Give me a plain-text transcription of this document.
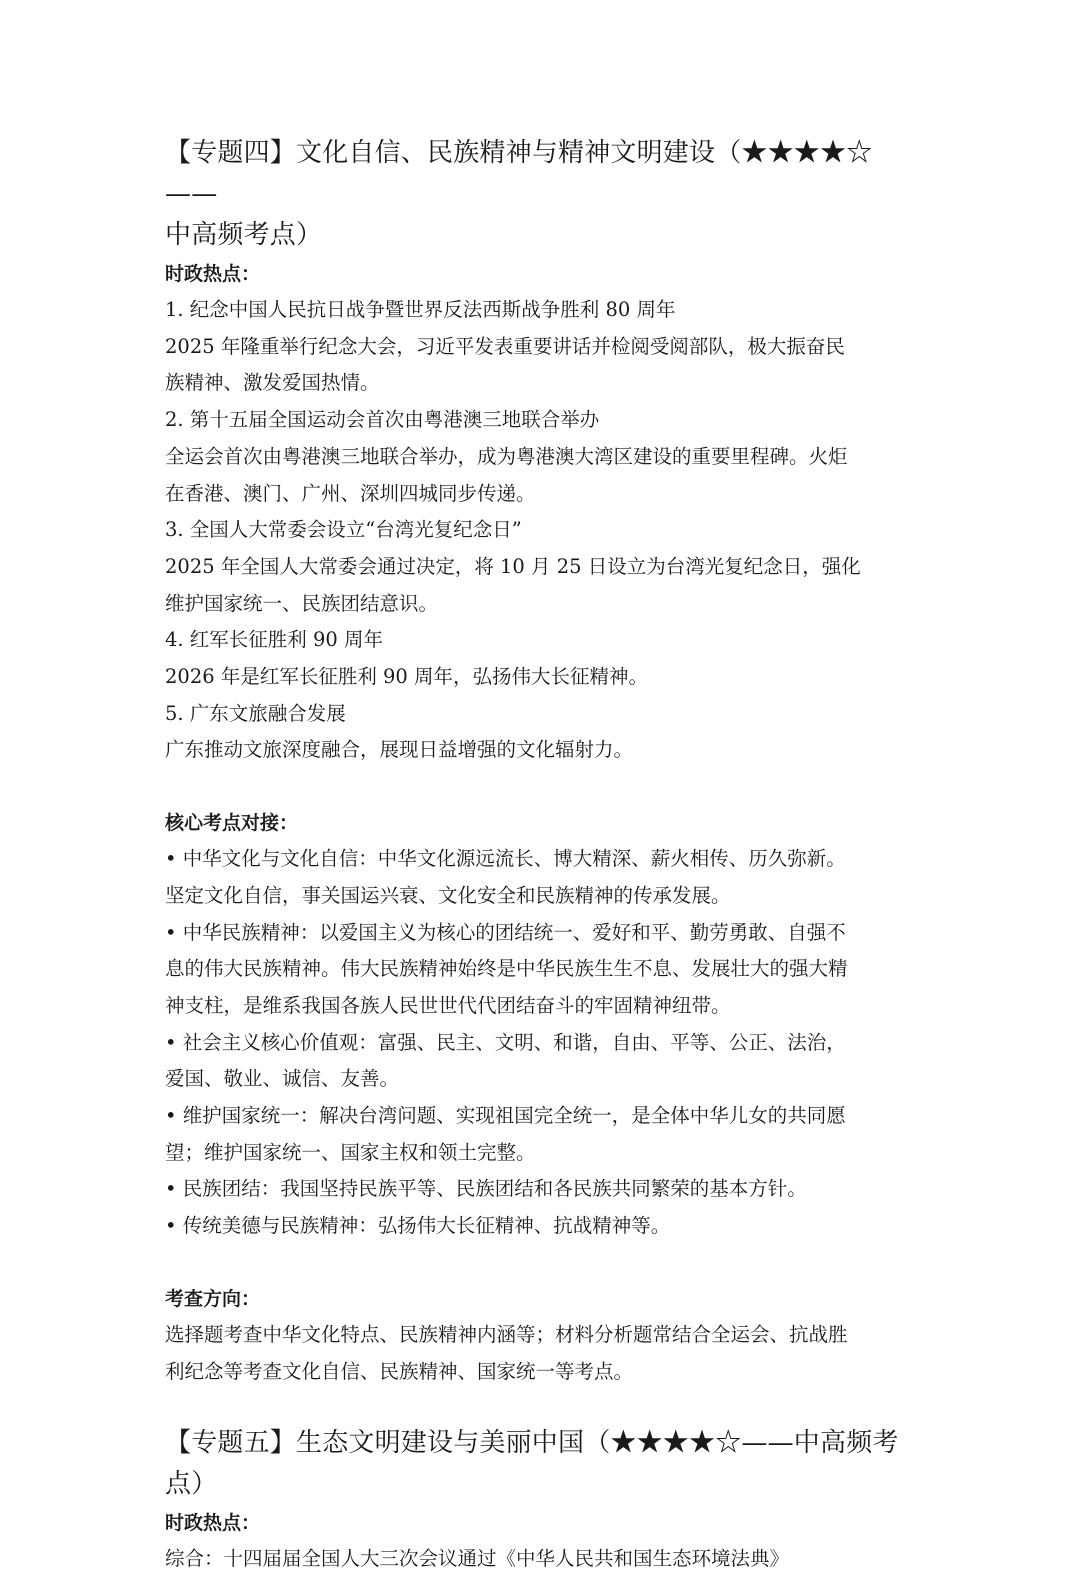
【专题四】文化自信、民族精神与精神文明建设（★★★★☆——
中高频考点）

时政热点：

1. 纪念中国人民抗日战争暨世界反法西斯战争胜利 80 周年

2025 年隆重举行纪念大会，习近平发表重要讲话并检阅受阅部队，极大振奋民

族精神、激发爱国热情。

2. 第十五届全国运动会首次由粤港澳三地联合举办

全运会首次由粤港澳三地联合举办，成为粤港澳大湾区建设的重要里程碑。火炬

在香港、澳门、广州、深圳四城同步传递。

3. 全国人大常委会设立“台湾光复纪念日”

2025 年全国人大常委会通过决定，将 10 月 25 日设立为台湾光复纪念日，强化

维护国家统一、民族团结意识。

4. 红军长征胜利 90 周年

2026 年是红军长征胜利 90 周年，弘扬伟大长征精神。

5. 广东文旅融合发展

广东推动文旅深度融合，展现日益增强的文化辐射力。

核心考点对接：

• 中华文化与文化自信：中华文化源远流长、博大精深、薪火相传、历久弥新。

坚定文化自信，事关国运兴衰、文化安全和民族精神的传承发展。

• 中华民族精神：以爱国主义为核心的团结统一、爱好和平、勤劳勇敢、自强不

息的伟大民族精神。伟大民族精神始终是中华民族生生不息、发展壮大的强大精

神支柱，是维系我国各族人民世世代代团结奋斗的牢固精神纽带。

• 社会主义核心价值观：富强、民主、文明、和谐，自由、平等、公正、法治，

爱国、敬业、诚信、友善。

• 维护国家统一：解决台湾问题、实现祖国完全统一，是全体中华儿女的共同愿

望；维护国家统一、国家主权和领土完整。

• 民族团结：我国坚持民族平等、民族团结和各民族共同繁荣的基本方针。

• 传统美德与民族精神：弘扬伟大长征精神、抗战精神等。

考查方向：

选择题考查中华文化特点、民族精神内涵等；材料分析题常结合全运会、抗战胜

利纪念等考查文化自信、民族精神、国家统一等考点。

【专题五】生态文明建设与美丽中国（★★★★☆——中高频考点）

时政热点：

综合：十四届届全国人大三次会议通过《中华人民共和国生态环境法典》
